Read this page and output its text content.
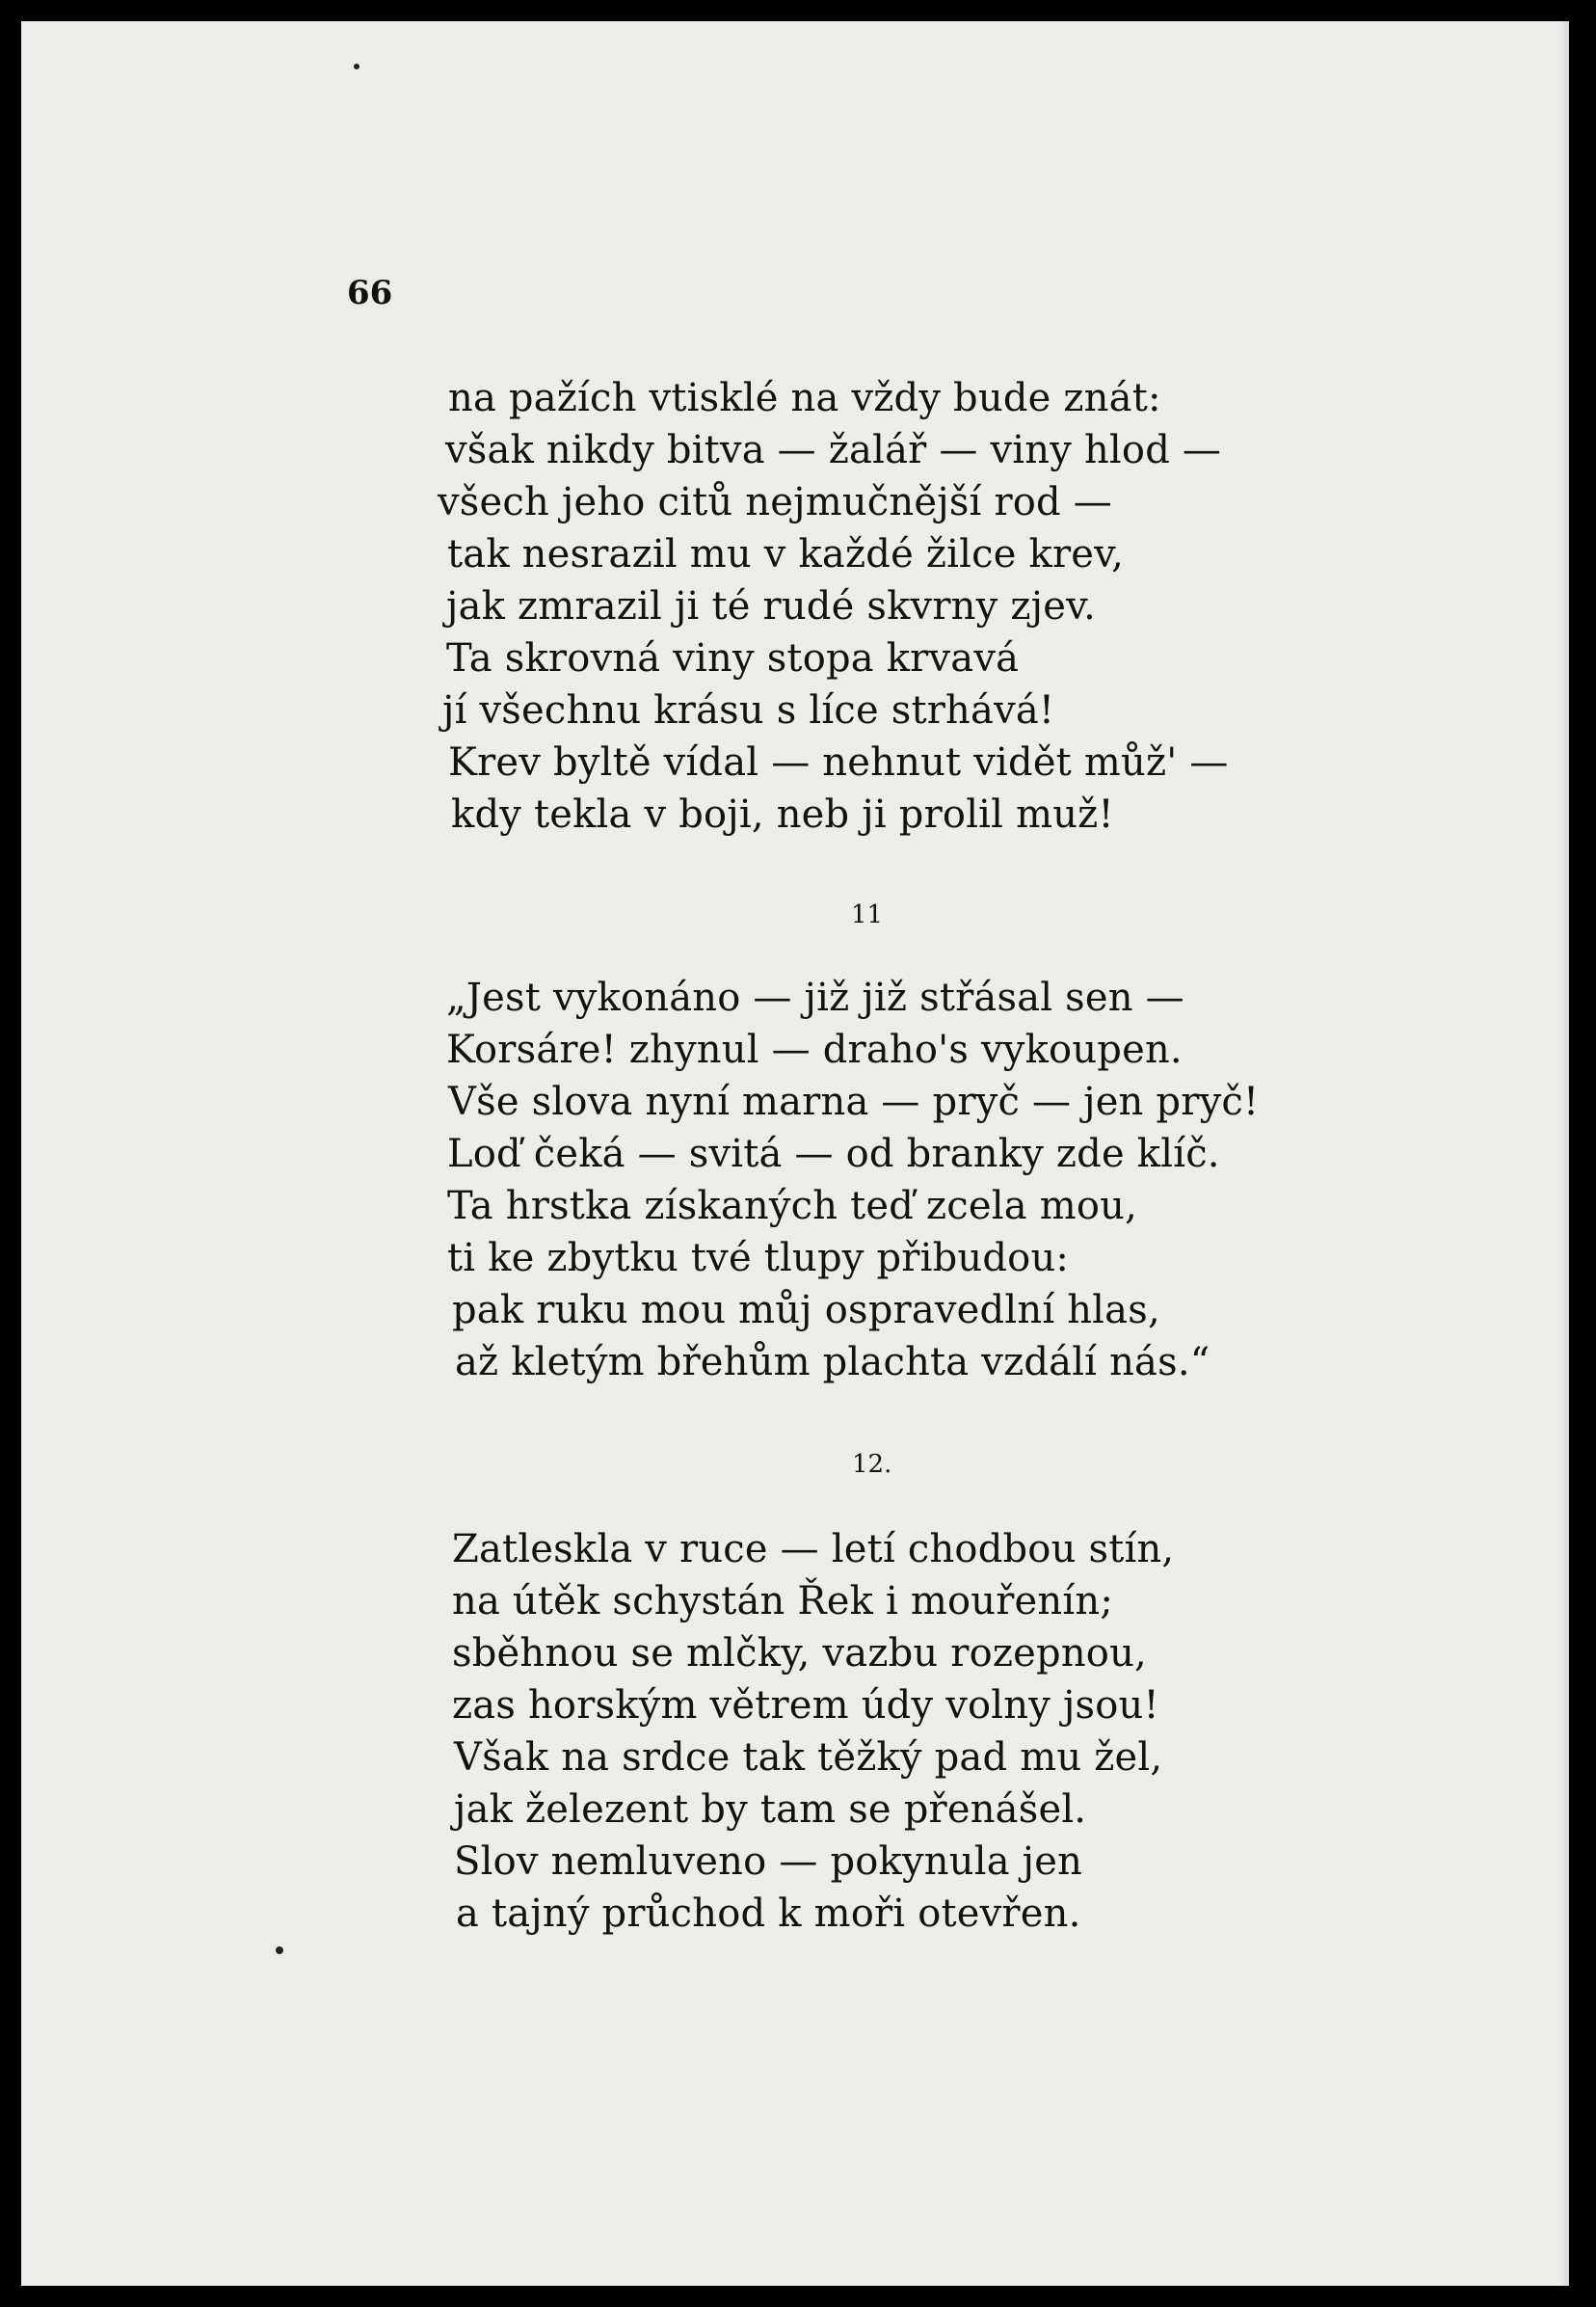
66

na pažích vtisklé na vždy bude znát:

však nikdy bitva — žalář — viny hlod —

všech jeho citů nejmučnější rod —

tak nesrazil mu v každé žilce krev,

jak zmrazil ji té rudé skvrny zjev.

Ta skrovná viny stopa krvavá

jí všechnu krásu s líce strhává!

Krev byltě vídal — nehnut vidět můž' —

kdy tekla v boji, neb ji prolil muž!

11

„Jest vykonáno — již již střásal sen —

Korsáre! zhynul — draho's vykoupen.

Vše slova nyní marna — pryč — jen pryč!

Loď čeká — svitá — od branky zde klíč.

Ta hrstka získaných teď zcela mou,

ti ke zbytku tvé tlupy přibudou:

pak ruku mou můj ospravedlní hlas,

až kletým břehům plachta vzdálí nás.“

12.

Zatleskla v ruce — letí chodbou stín,

na útěk schystán Řek i mouřenín;

sběhnou se mlčky, vazbu rozepnou,

zas horským větrem údy volny jsou!

Však na srdce tak těžký pad mu žel,

jak železent by tam se přenášel.

Slov nemluveno — pokynula jen

a tajný průchod k moři otevřen.
